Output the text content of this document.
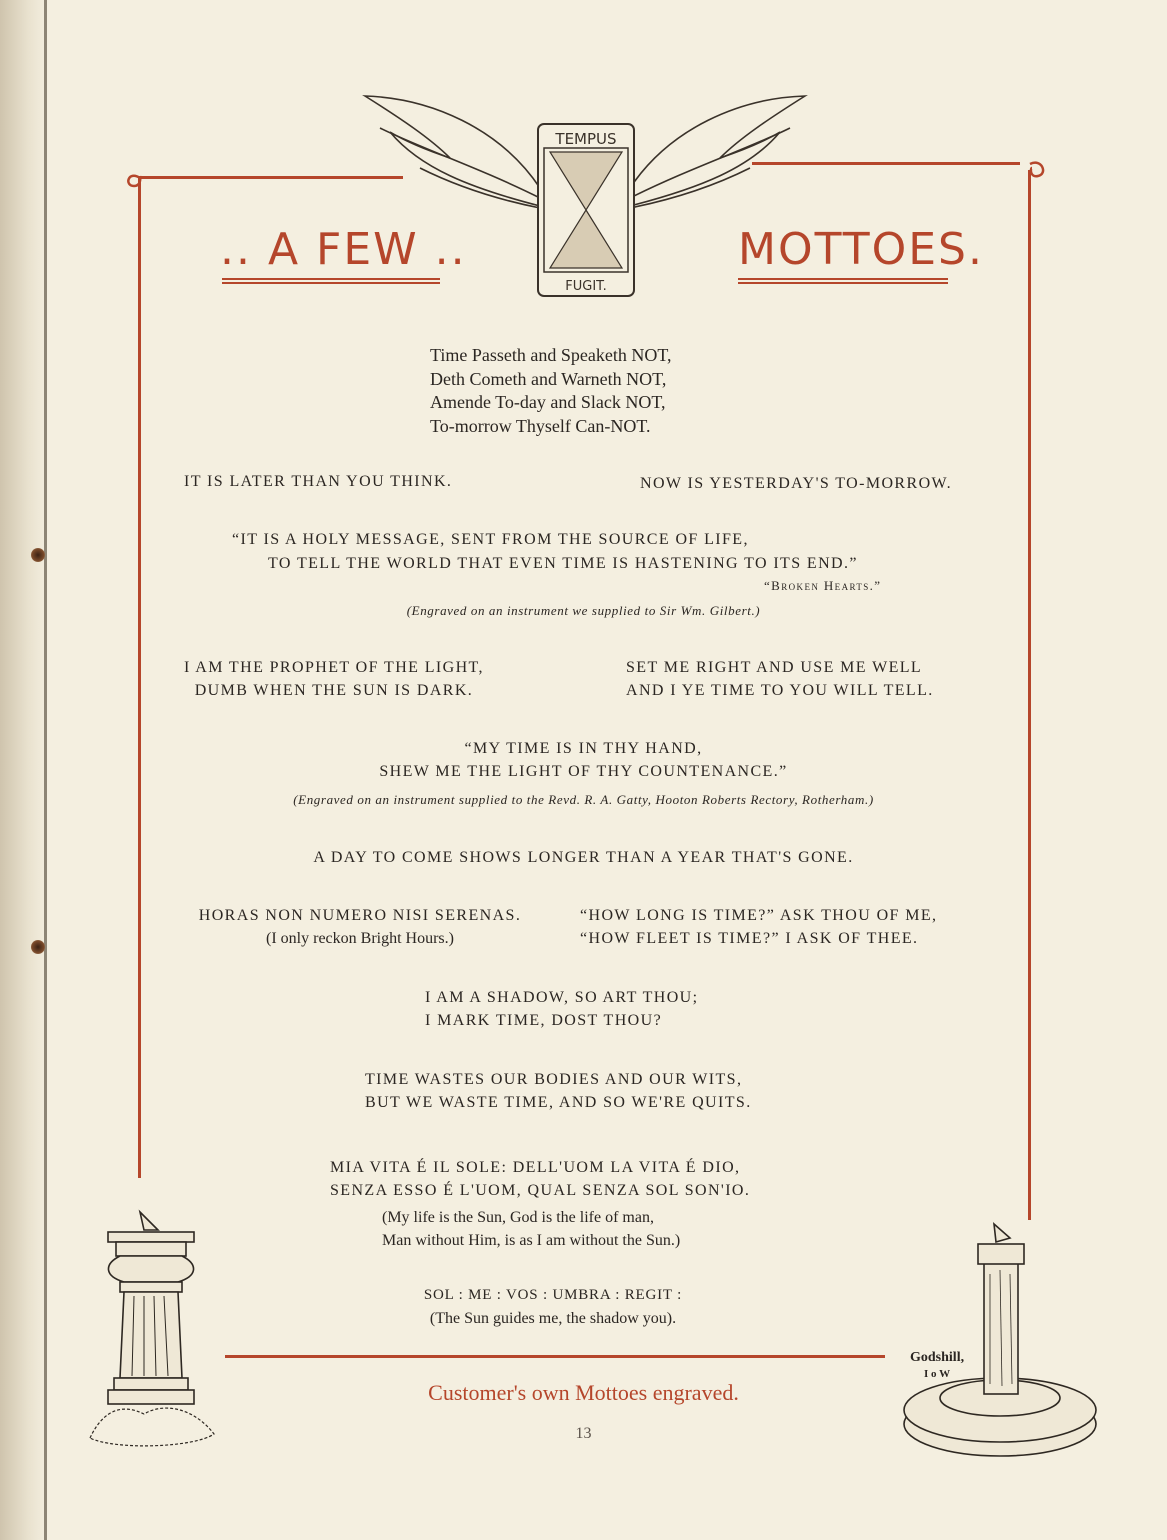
.. A FEW ..	MOTTOES.
TEMPUS
FUGIT.
Time Passeth and Speaketh NOT,
Deth Cometh and Warneth NOT,
Amende To-day and Slack NOT,
To-morrow Thyself Can-NOT.
IT IS LATER THAN YOU THINK.	NOW IS YESTERDAY'S TO-MORROW.
“IT IS A HOLY MESSAGE, SENT FROM THE SOURCE OF LIFE,
TO TELL THE WORLD THAT EVEN TIME IS HASTENING TO ITS END.”
“Broken Hearts.”
(Engraved on an instrument we supplied to Sir Wm. Gilbert.)
I AM THE PROPHET OF THE LIGHT,
DUMB WHEN THE SUN IS DARK.
SET ME RIGHT AND USE ME WELL
AND I YE TIME TO YOU WILL TELL.
“MY TIME IS IN THY HAND,
SHEW ME THE LIGHT OF THY COUNTENANCE.”
(Engraved on an instrument supplied to the Revd. R. A. Gatty, Hooton Roberts Rectory, Rotherham.)
A DAY TO COME SHOWS LONGER THAN A YEAR THAT'S GONE.
HORAS NON NUMERO NISI SERENAS.
(I only reckon Bright Hours.)
“HOW LONG IS TIME?” ASK THOU OF ME,
“HOW FLEET IS TIME?” I ASK OF THEE.
I AM A SHADOW, SO ART THOU;
I MARK TIME, DOST THOU?
TIME WASTES OUR BODIES AND OUR WITS,
BUT WE WASTE TIME, AND SO WE'RE QUITS.
MIA VITA É IL SOLE: DELL'UOM LA VITA É DIO,
SENZA ESSO É L'UOM, QUAL SENZA SOL SON'IO.
(My life is the Sun, God is the life of man,
Man without Him, is as I am without the Sun.)
SOL : ME : VOS : UMBRA : REGIT :
(The Sun guides me, the shadow you).
Godshill,
I o W
Customer's own Mottoes engraved.
13
